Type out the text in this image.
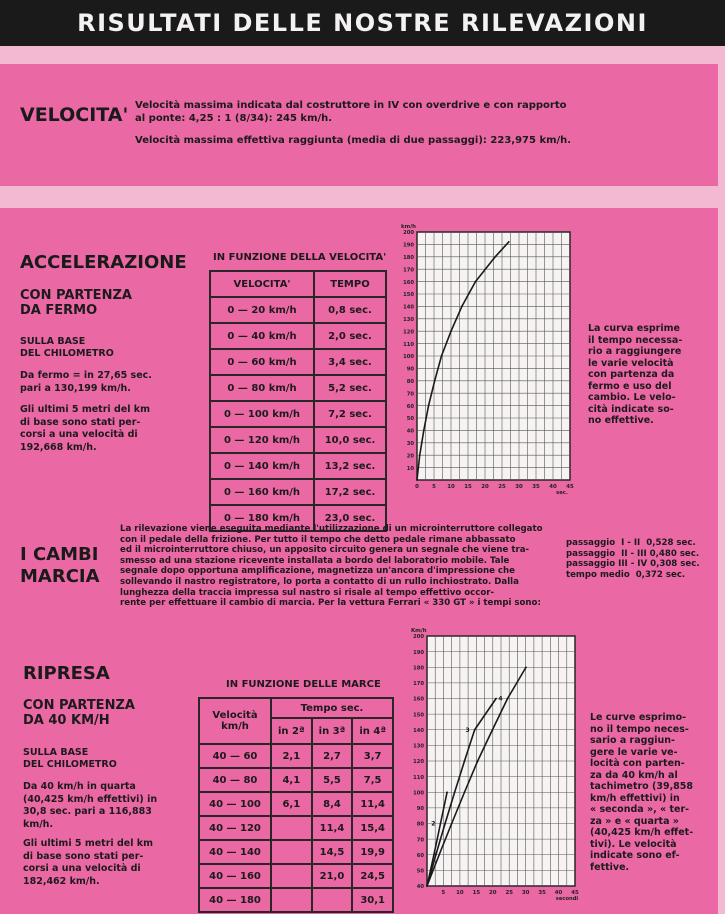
RISULTATI DELLE NOSTRE RILEVAZIONI
VELOCITA' Velocità massima indicata dal costruttore in IV con overdrive e con rapporto
al ponte: 4,25 : 1 (8/34): 245 km/h.
Velocità massima effettiva raggiunta (media di due passaggi): 223,975 km/h.
ACCELERAZIONE
CON PARTENZA
DA FERMO
SULLA BASE
DEL CHILOMETRO
Da fermo = in 27,65 sec.
pari a 130,199 km/h.
Gli ultimi 5 metri del km
di base sono stati per-
corsi a una velocità di
192,668 km/h.
IN FUNZIONE DELLA VELOCITA'
VELOCITA'	TEMPO
0 — 20 km/h	0,8 sec.
0 — 40 km/h	2,0 sec.
0 — 60 km/h	3,4 sec.
0 — 80 km/h	5,2 sec.
0 — 100 km/h	7,2 sec.
0 — 120 km/h	10,0 sec.
0 — 140 km/h	13,2 sec.
0 — 160 km/h	17,2 sec.
0 — 180 km/h	23,0 sec.
10
20
30
40
50
60
70
80
90
100
110
120
130
140
150
160
170
180
190
200
0 5 10 15 20 25 30 35 40 45
km/h
sec.
La curva esprime
il tempo necessa-
rio a raggiungere
le varie velocità
con partenza da
fermo e uso del
cambio. Le velo-
cità indicate so-
no effettive.
I CAMBI
MARCIA
La rilevazione viene eseguita mediante l'utilizzazione di un microinterruttore collegato
con il pedale della frizione. Per tutto il tempo che detto pedale rimane abbassato
ed il microinterruttore chiuso, un apposito circuito genera un segnale che viene tra-
smesso ad una stazione ricevente installata a bordo del laboratorio mobile. Tale
segnale dopo opportuna amplificazione, magnetizza un'ancora d'impressione che
sollevando il nastro registratore, lo porta a contatto di un rullo inchiostrato. Dalla
lunghezza della traccia impressa sul nastro si risale al tempo effettivo occor-
rente per effettuare il cambio di marcia. Per la vettura Ferrari « 330 GT » i tempi sono:
passaggio  I - II  0,528 sec.
passaggio  II - III 0,480 sec.
passaggio III - IV 0,308 sec.
tempo medio  0,372 sec.
RIPRESA
CON PARTENZA
DA 40 KM/H
SULLA BASE
DEL CHILOMETRO
Da 40 km/h in quarta
(40,425 km/h effettivi) in
30,8 sec. pari a 116,883
km/h.
Gli ultimi 5 metri del km
di base sono stati per-
corsi a una velocità di
182,462 km/h.
IN FUNZIONE DELLE MARCE
Velocità
km/h	Tempo sec.		
	in 2ª	in 3ª	in 4ª
40 — 60	2,1	2,7	3,7
40 — 80	4,1	5,5	7,5
40 — 100	6,1	8,4	11,4
40 — 120		11,4	15,4
40 — 140		14,5	19,9
40 — 160		21,0	24,5
40 — 180			30,1
40
50
60
70
80
90
100
110
120
130
140
150
160
170
180
190
200
5 10 15 20 25 30 35 40 45
Km/h
secondi
2
3
4
Le curve esprimo-
no il tempo neces-
sario a raggiun-
gere le varie ve-
locità con parten-
za da 40 km/h al
tachimetro (39,858
km/h effettivi) in
« seconda », « ter-
za » e « quarta »
(40,425 km/h effet-
tivi). Le velocità
indicate sono ef-
fettive.
